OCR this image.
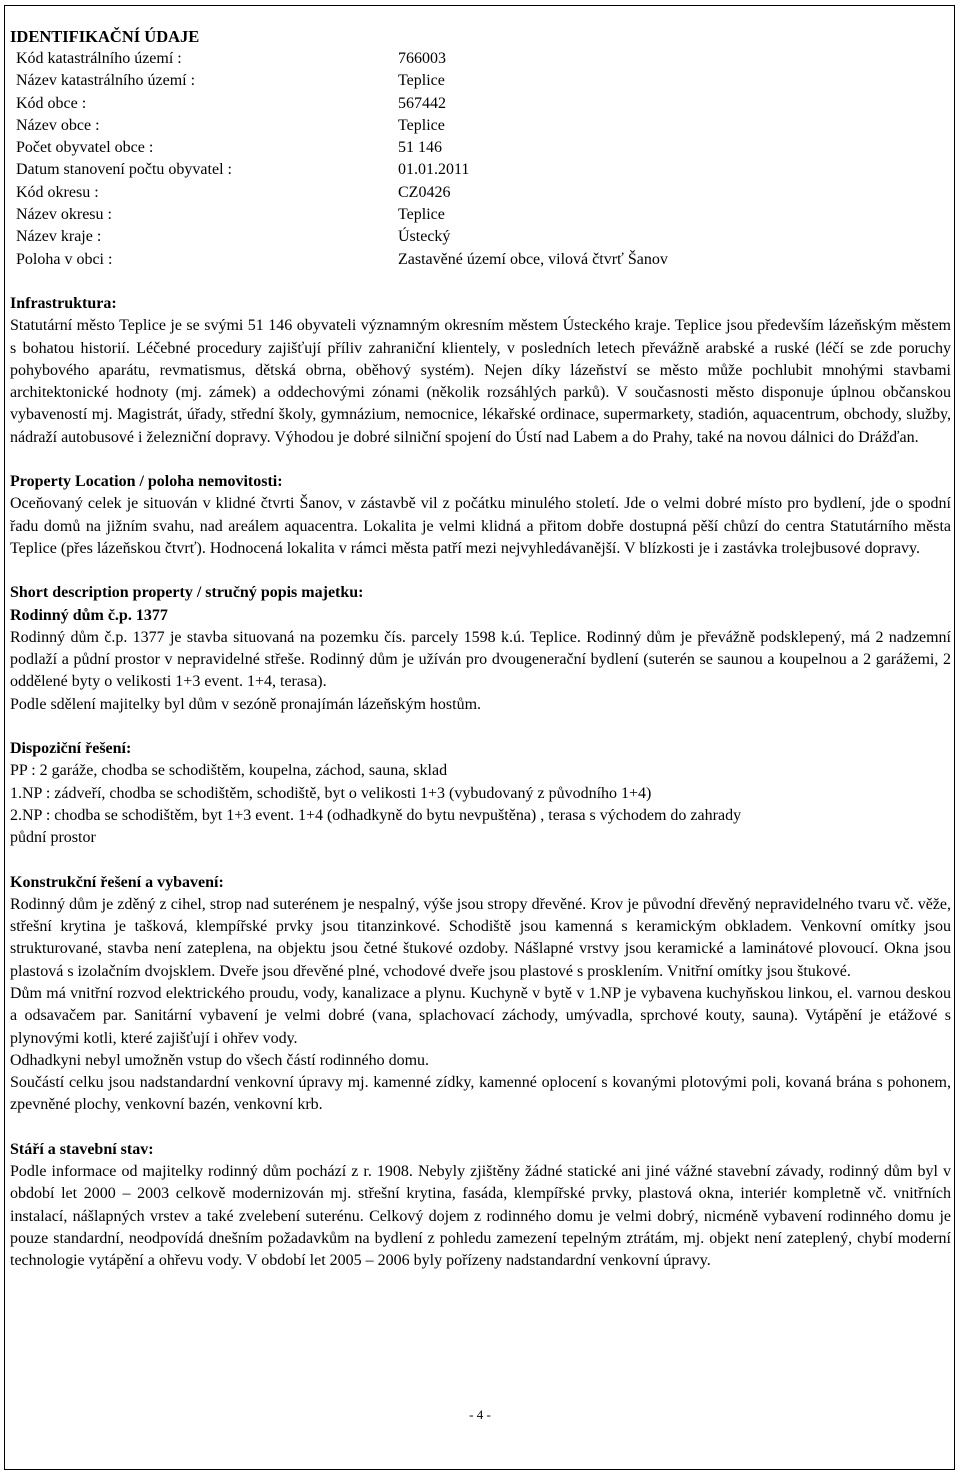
IDENTIFIKAČNÍ ÚDAJE

Kód katastrálního území :	766003
Název katastrálního území :	Teplice
Kód obce :	567442
Název obce :	Teplice
Počet obyvatel obce :	51 146
Datum stanovení počtu obyvatel :	01.01.2011
Kód okresu :	CZ0426
Název okresu :	Teplice
Název kraje :	Ústecký
Poloha v obci :	Zastavěné území obce, vilová čtvrť Šanov

Infrastruktura:

Statutární město Teplice je se svými 51 146 obyvateli významným okresním městem Ústeckého kraje. Teplice jsou především lázeňským městem s bohatou historií. Léčebné procedury zajišťují příliv zahraniční klientely, v posledních letech převážně arabské a ruské (léčí se zde poruchy pohybového aparátu, revmatismus, dětská obrna, oběhový systém). Nejen díky lázeňství se město může pochlubit mnohými stavbami architektonické hodnoty (mj. zámek) a oddechovými zónami (několik rozsáhlých parků). V současnosti město disponuje úplnou občanskou vybaveností mj. Magistrát, úřady, střední školy, gymnázium, nemocnice, lékařské ordinace, supermarkety, stadión, aquacentrum, obchody, služby, nádraží autobusové i železniční dopravy. Výhodou je dobré silniční spojení do Ústí nad Labem a do Prahy, také na novou dálnici do Drážďan.

Property Location / poloha nemovitosti:

Oceňovaný celek je situován v klidné čtvrti Šanov, v zástavbě vil z počátku minulého století. Jde o velmi dobré místo pro bydlení, jde o spodní řadu domů na jižním svahu, nad areálem aquacentra. Lokalita je velmi klidná a přitom dobře dostupná pěší chůzí do centra Statutárního města Teplice (přes lázeňskou čtvrť). Hodnocená lokalita v rámci města patří mezi nejvyhledávanější. V blízkosti je i zastávka trolejbusové dopravy.

Short description property / stručný popis majetku:

Rodinný dům č.p. 1377

Rodinný dům č.p. 1377 je stavba situovaná na pozemku čís. parcely 1598 k.ú. Teplice. Rodinný dům je převážně podsklepený, má 2 nadzemní podlaží a půdní prostor v nepravidelné střeše. Rodinný dům je užíván pro dvougenerační bydlení (suterén se saunou a koupelnou a 2 garážemi, 2 oddělené byty o velikosti 1+3 event. 1+4, terasa).

Podle sdělení majitelky byl dům v sezóně pronajímán lázeňským hostům.

Dispoziční řešení:

PP : 2 garáže, chodba se schodištěm, koupelna, záchod, sauna, sklad

1.NP : zádveří, chodba se schodištěm, schodiště, byt o velikosti 1+3 (vybudovaný z původního 1+4)

2.NP : chodba se schodištěm, byt 1+3 event. 1+4 (odhadkyně do bytu nevpuštěna) , terasa s východem do zahrady

půdní prostor

Konstrukční řešení a vybavení:

Rodinný dům je zděný z cihel, strop nad suterénem je nespalný, výše jsou stropy dřevěné. Krov je původní dřevěný nepravidelného tvaru vč. věže, střešní krytina je tašková, klempířské prvky jsou titanzinkové. Schodiště jsou kamenná s keramickým obkladem. Venkovní omítky jsou strukturované, stavba není zateplena, na objektu jsou četné štukové ozdoby. Nášlapné vrstvy jsou keramické a laminátové plovoucí. Okna jsou plastová s izolačním dvojsklem. Dveře jsou dřevěné plné, vchodové dveře jsou plastové s prosklením. Vnitřní omítky jsou štukové.

Dům má vnitřní rozvod elektrického proudu, vody, kanalizace a plynu. Kuchyně v bytě v 1.NP je vybavena kuchyňskou linkou, el. varnou deskou a odsavačem par. Sanitární vybavení je velmi dobré (vana, splachovací záchody, umývadla, sprchové kouty, sauna). Vytápění je etážové s plynovými kotli, které zajišťují i ohřev vody.

Odhadkyni nebyl umožněn vstup do všech částí rodinného domu.

Součástí celku jsou nadstandardní venkovní úpravy mj. kamenné zídky, kamenné oplocení s kovanými plotovými poli, kovaná brána s pohonem, zpevněné plochy, venkovní bazén, venkovní krb.

Stáří a stavební stav:

Podle informace od majitelky rodinný dům pochází z r. 1908. Nebyly zjištěny žádné statické ani jiné vážné stavební závady, rodinný dům byl v období let 2000 – 2003 celkově modernizován mj. střešní krytina, fasáda, klempířské prvky, plastová okna, interiér kompletně vč. vnitřních instalací, nášlapných vrstev a také zvelebení suterénu. Celkový dojem z rodinného domu je velmi dobrý, nicméně vybavení rodinného domu je pouze standardní, neodpovídá dnešním požadavkům na bydlení z pohledu zamezení tepelným ztrátám, mj. objekt není zateplený, chybí moderní technologie vytápění a ohřevu vody. V období let 2005 – 2006 byly pořízeny nadstandardní venkovní úpravy.

- 4 -
